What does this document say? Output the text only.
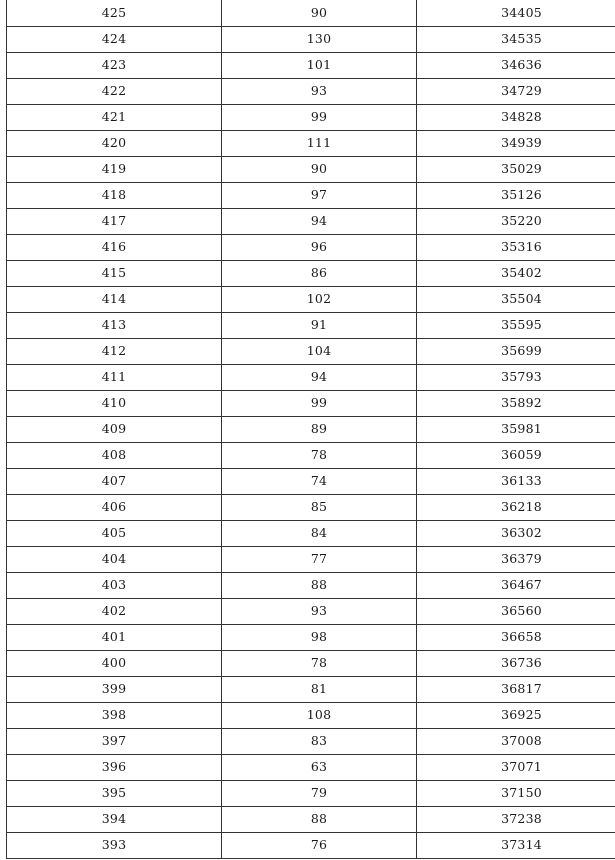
425	90	34405
424	130	34535
423	101	34636
422	93	34729
421	99	34828
420	111	34939
419	90	35029
418	97	35126
417	94	35220
416	96	35316
415	86	35402
414	102	35504
413	91	35595
412	104	35699
411	94	35793
410	99	35892
409	89	35981
408	78	36059
407	74	36133
406	85	36218
405	84	36302
404	77	36379
403	88	36467
402	93	36560
401	98	36658
400	78	36736
399	81	36817
398	108	36925
397	83	37008
396	63	37071
395	79	37150
394	88	37238
393	76	37314
